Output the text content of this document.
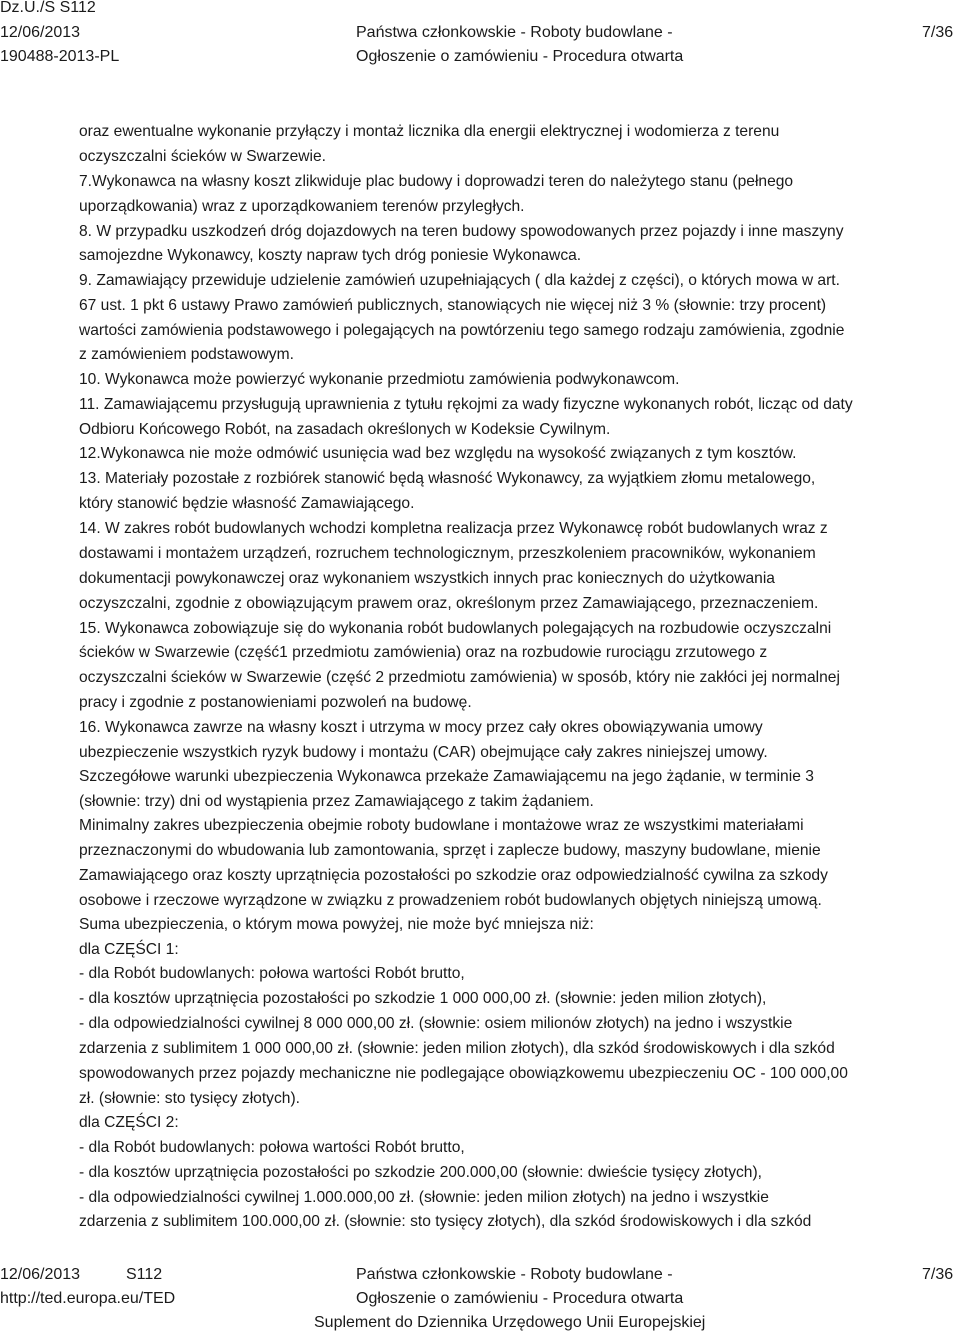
Dz.U./S S112
12/06/2013
190488-2013-PL
Państwa członkowskie - Roboty budowlane -
Ogłoszenie o zamówieniu - Procedura otwarta
7/36
oraz ewentualne wykonanie przyłączy i montaż licznika dla energii elektrycznej i wodomierza z terenu
oczyszczalni ścieków w Swarzewie.
7.Wykonawca na własny koszt zlikwiduje plac budowy i doprowadzi teren do należytego stanu (pełnego
uporządkowania) wraz z uporządkowaniem terenów przyległych.
8. W przypadku uszkodzeń dróg dojazdowych na teren budowy spowodowanych przez pojazdy i inne maszyny
samojezdne Wykonawcy, koszty napraw tych dróg poniesie Wykonawca.
9. Zamawiający przewiduje udzielenie zamówień uzupełniających ( dla każdej z części), o których mowa w art.
67 ust. 1 pkt 6 ustawy Prawo zamówień publicznych, stanowiących nie więcej niż 3 % (słownie: trzy procent)
wartości zamówienia podstawowego i polegających na powtórzeniu tego samego rodzaju zamówienia, zgodnie
z zamówieniem podstawowym.
10. Wykonawca może powierzyć wykonanie przedmiotu zamówienia podwykonawcom.
11. Zamawiającemu przysługują uprawnienia z tytułu rękojmi za wady fizyczne wykonanych robót, licząc od daty
Odbioru Końcowego Robót, na zasadach określonych w Kodeksie Cywilnym.
12.Wykonawca nie może odmówić usunięcia wad bez względu na wysokość związanych z tym kosztów.
13. Materiały pozostałe z rozbiórek stanowić będą własność Wykonawcy, za wyjątkiem złomu metalowego,
który stanowić będzie własność Zamawiającego.
14. W zakres robót budowlanych wchodzi kompletna realizacja przez Wykonawcę robót budowlanych wraz z
dostawami i montażem urządzeń, rozruchem technologicznym, przeszkoleniem pracowników, wykonaniem
dokumentacji powykonawczej oraz wykonaniem wszystkich innych prac koniecznych do użytkowania
oczyszczalni, zgodnie z obowiązującym prawem oraz, określonym przez Zamawiającego, przeznaczeniem.
15. Wykonawca zobowiązuje się do wykonania robót budowlanych polegających na rozbudowie oczyszczalni
ścieków w Swarzewie (część1 przedmiotu zamówienia) oraz na rozbudowie rurociągu zrzutowego z
oczyszczalni ścieków w Swarzewie (część 2 przedmiotu zamówienia) w sposób, który nie zakłóci jej normalnej
pracy i zgodnie z postanowieniami pozwoleń na budowę.
16. Wykonawca zawrze na własny koszt i utrzyma w mocy przez cały okres obowiązywania umowy
ubezpieczenie wszystkich ryzyk budowy i montażu (CAR) obejmujące cały zakres niniejszej umowy.
Szczegółowe warunki ubezpieczenia Wykonawca przekaże Zamawiającemu na jego żądanie, w terminie 3
(słownie: trzy) dni od wystąpienia przez Zamawiającego z takim żądaniem.
Minimalny zakres ubezpieczenia obejmie roboty budowlane i montażowe wraz ze wszystkimi materiałami
przeznaczonymi do wbudowania lub zamontowania, sprzęt i zaplecze budowy, maszyny budowlane, mienie
Zamawiającego oraz koszty uprzątnięcia pozostałości po szkodzie oraz odpowiedzialność cywilna za szkody
osobowe i rzeczowe wyrządzone w związku z prowadzeniem robót budowlanych objętych niniejszą umową.
Suma ubezpieczenia, o którym mowa powyżej, nie może być mniejsza niż:
dla CZĘŚCI 1:
- dla Robót budowlanych: połowa wartości Robót brutto,
- dla kosztów uprzątnięcia pozostałości po szkodzie 1 000 000,00 zł. (słownie: jeden milion złotych),
- dla odpowiedzialności cywilnej 8 000 000,00 zł. (słownie: osiem milionów złotych) na jedno i wszystkie
zdarzenia z sublimitem 1 000 000,00 zł. (słownie: jeden milion złotych), dla szkód środowiskowych i dla szkód
spowodowanych przez pojazdy mechaniczne nie podlegające obowiązkowemu ubezpieczeniu OC - 100 000,00
zł. (słownie: sto tysięcy złotych).
dla CZĘŚCI 2:
- dla Robót budowlanych: połowa wartości Robót brutto,
- dla kosztów uprzątnięcia pozostałości po szkodzie 200.000,00 (słownie: dwieście tysięcy złotych),
- dla odpowiedzialności cywilnej 1.000.000,00 zł. (słownie: jeden milion złotych) na jedno i wszystkie
zdarzenia z sublimitem 100.000,00 zł. (słownie: sto tysięcy złotych), dla szkód środowiskowych i dla szkód
12/06/2013	S112
http://ted.europa.eu/TED
Państwa członkowskie - Roboty budowlane -
Ogłoszenie o zamówieniu - Procedura otwarta
Suplement do Dziennika Urzędowego Unii Europejskiej
7/36
